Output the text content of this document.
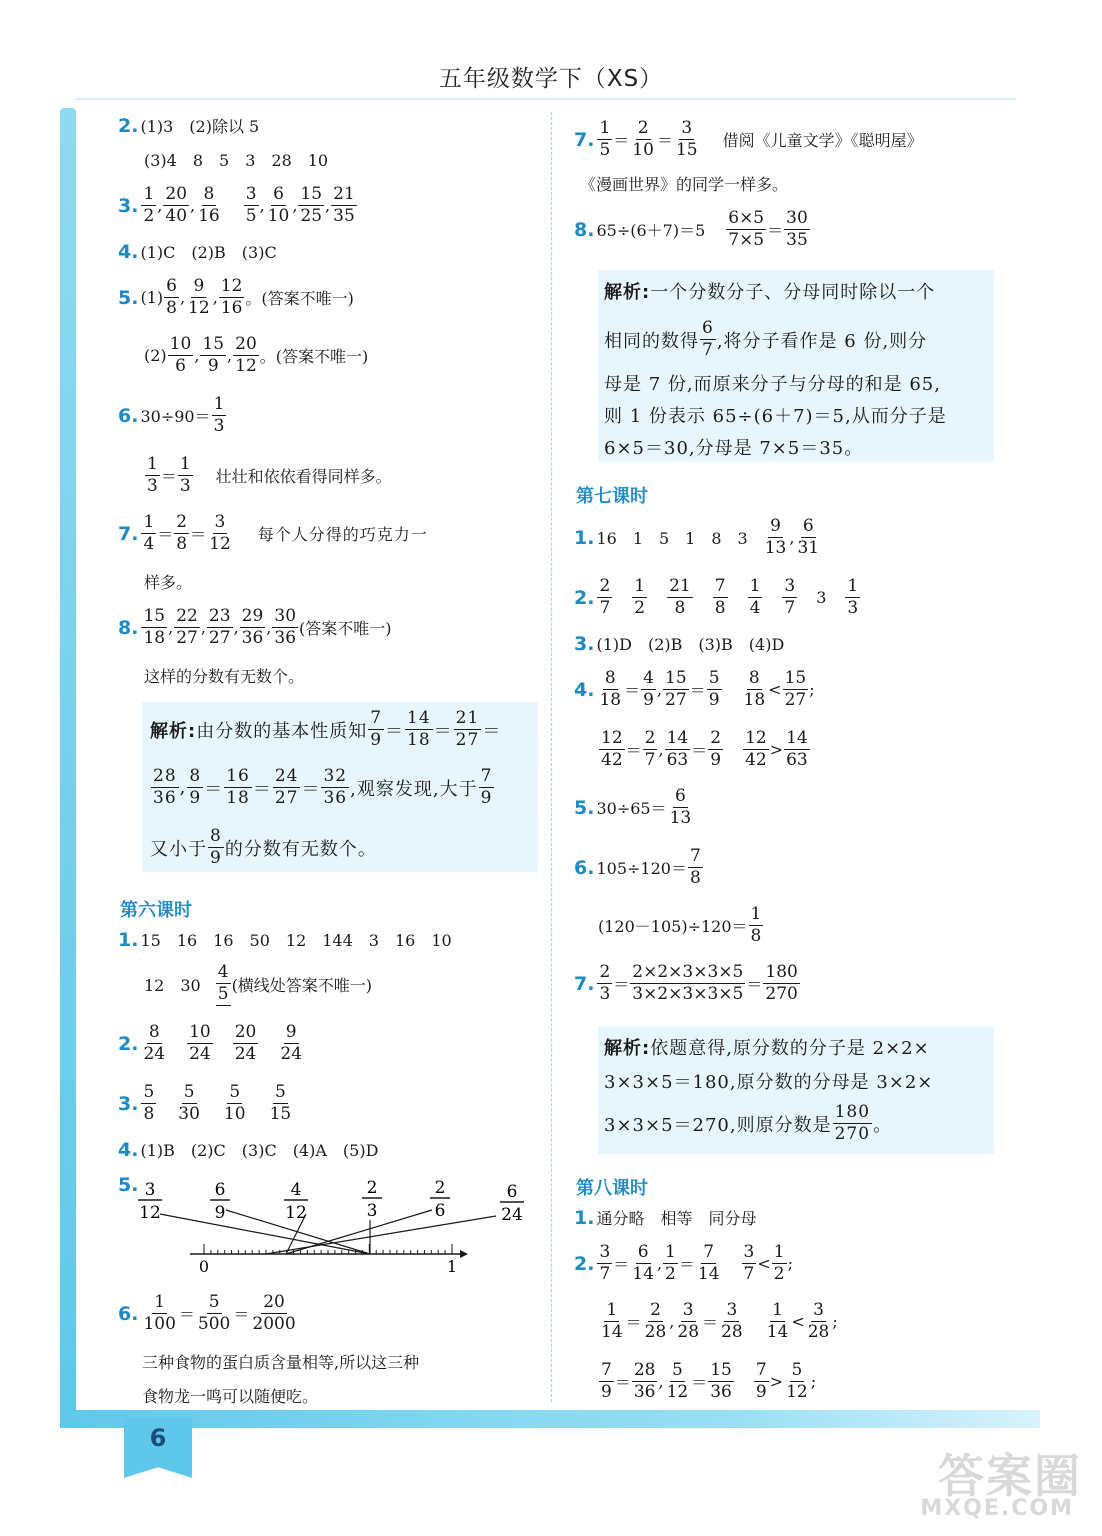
五年级数学下（XS）
6
2. (1)3　(2)除以 5
(3)4　8　5　3　28　10
3. $\frac{1}{2}$ , $\frac{20}{40}$ , $\frac{8}{16} \frac{3}{5}$ , $\frac{6}{10}$ , $\frac{15}{25}$ , $\frac{21}{35}$
4. (1)C　(2)B　(3)C
5. $(1) \frac{6}{8}$ , $\frac{9}{12}$ , $\frac{12}{16}$ 。(答案不唯一)
$(2) \frac{10}{6}$ , $\frac{15}{9}$ , $\frac{20}{12}$ 。(答案不唯一)
6. $30\div 90= \frac{1}{3}$
$\frac{1}{3} = \frac{1}{3}$ 壮壮和依依看得同样多。
7. $\frac{1}{4} = \frac{2}{8} = \frac{3}{12}$ 每个人分得的巧克力一
样多。
8. $\frac{15}{18}$ , $\frac{22}{27}$ , $\frac{23}{27}$ , $\frac{29}{36}$ , $\frac{30}{36}$ (答案不唯一)
这样的分数有无数个。
解析: 由分数的基本性质知 $\frac{7}{9} = \frac{14}{18} = \frac{21}{27}$ ＝
$\frac{28}{36}$ , $\frac{8}{9} = \frac{16}{18} = \frac{24}{27} = \frac{32}{36}$ ,观察发现,大于 $\frac{7}{9}$
又小于 $\frac{8}{9}$ 的分数有无数个。
第六课时
1. 15　16　16　50　12　144　3　16　10
12　$30 \frac{4}{5}$ (横线处答案不唯一)
2. $\frac{8}{24} \frac{10}{24} \frac{20}{24} \frac{9}{24}$
3. $\frac{5}{8} \frac{5}{30} \frac{5}{10} \frac{5}{15}$
4. (1)B　(2)C　(3)C　(4)A　(5)D
5. 3
12
6
9
4
12
2
3
2
6
6
24
0	1
6. $\frac{1}{100} = \frac{5}{500} = \frac{20}{2000}$
三种食物的蛋白质含量相等,所以这三种
食物龙一鸣可以随便吃。
7. $\frac{1}{5} = \frac{2}{10} = \frac{3}{15}$ 借阅《儿童文学》《聪明屋》
《漫画世界》的同学一样多。
8. $65\div(6+7)=5 \frac{6\times 5}{7\times 5} = \frac{30}{35}$
解析: 一个分数分子、分母同时除以一个
相同的数得 $\frac{6}{7}$ ,将分子看作是 6 份,则分
母是 7 份,而原来分子与分母的和是 65,
则 1 份表示 65÷(6＋7)＝5,从而分子是
6×5＝30,分母是 7×5＝35。
第七课时
1. 16　1　5　1　8　$3 \frac{9}{13}$ , $\frac{6}{31}$
2. $\frac{2}{7} \frac{1}{2} \frac{21}{8} \frac{7}{8} \frac{1}{4} \frac{3}{7} 3 \frac{1}{3}$
3. (1)D　(2)B　(3)B　(4)D
4. $\frac{8}{18} = \frac{4}{9}$ , $\frac{15}{27} = \frac{5}{9} \frac{8}{18} < \frac{15}{27}$ ;
$\frac{12}{42} = \frac{2}{7}$ , $\frac{14}{63} = \frac{2}{9} \frac{12}{42} > \frac{14}{63}$
5. $30\div 65= \frac{6}{13}$
6. $105\div 120= \frac{7}{8}$
$(120-105)\div 120= \frac{1}{8}$
7. $\frac{2}{3} = \frac{2\times 2\times 3\times 3\times 5}{3\times 2\times 3\times 3\times 5} = \frac{180}{270}$
解析: 依题意得,原分数的分子是 2×2×
3×3×5＝180,原分数的分母是 3×2×
3×3×5＝270,则原分数是 $\frac{180}{270}$ 。
第八课时
1. 通分略　相等　同分母
2. $\frac{3}{7} = \frac{6}{14}$ , $\frac{1}{2} = \frac{7}{14} \frac{3}{7} < \frac{1}{2}$ ;
$\frac{1}{14} = \frac{2}{28}$ , $\frac{3}{28} = \frac{3}{28} \frac{1}{14} < \frac{3}{28}$ ;
$\frac{7}{9} = \frac{28}{36}$ , $\frac{5}{12} = \frac{15}{36} \frac{7}{9} > \frac{5}{12}$ ;
答案圈
MXQE.COM
